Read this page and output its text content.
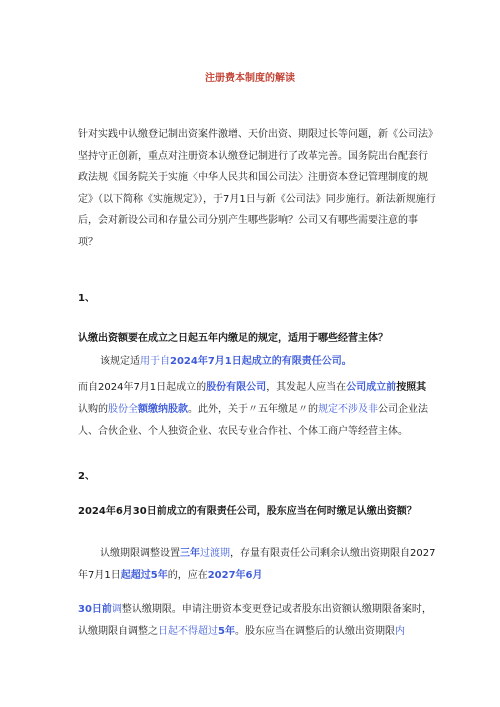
注册费本制度的解读

针对实践中认缴登记制出资案件激增、天价出资、期限过长等问题，新《公司法》坚持守正创新，重点对注册资本认缴登记制进行了改革完善。国务院出台配套行政法规《国务院关于实施〈中华人民共和国公司法〉注册资本登记管理制度的规定》（以下简称《实施规定》），于7月1日与新《公司法》同步施行。新法新规施行后，会对新设公司和存量公司分别产生哪些影响？公司又有哪些需要注意的事项？

1、

认缴出资额要在成立之日起五年内缴足的规定，适用于哪些经营主体？

该规定适用于自2024年7月1日起成立的有限责任公司。

而自2024年7月1日起成立的股份有限公司，其发起人应当在公司成立前按照其认购的股份全额缴纳股款。此外，关于〃五年缴足〃的规定不涉及非公司企业法人、合伙企业、个人独资企业、农民专业合作社、个体工商户等经营主体。

2、

2024年6月30日前成立的有限责任公司，股东应当在何时缴足认缴出资额？

认缴期限调整设置三年过渡期，存量有限责任公司剩余认缴出资期限自2027年7月1日起超过5年的，应在2027年6月

30日前调整认缴期限。申请注册资本变更登记或者股东出资额认缴期限备案时，认缴期限自调整之日起不得超过5年。股东应当在调整后的认缴出资期限内
